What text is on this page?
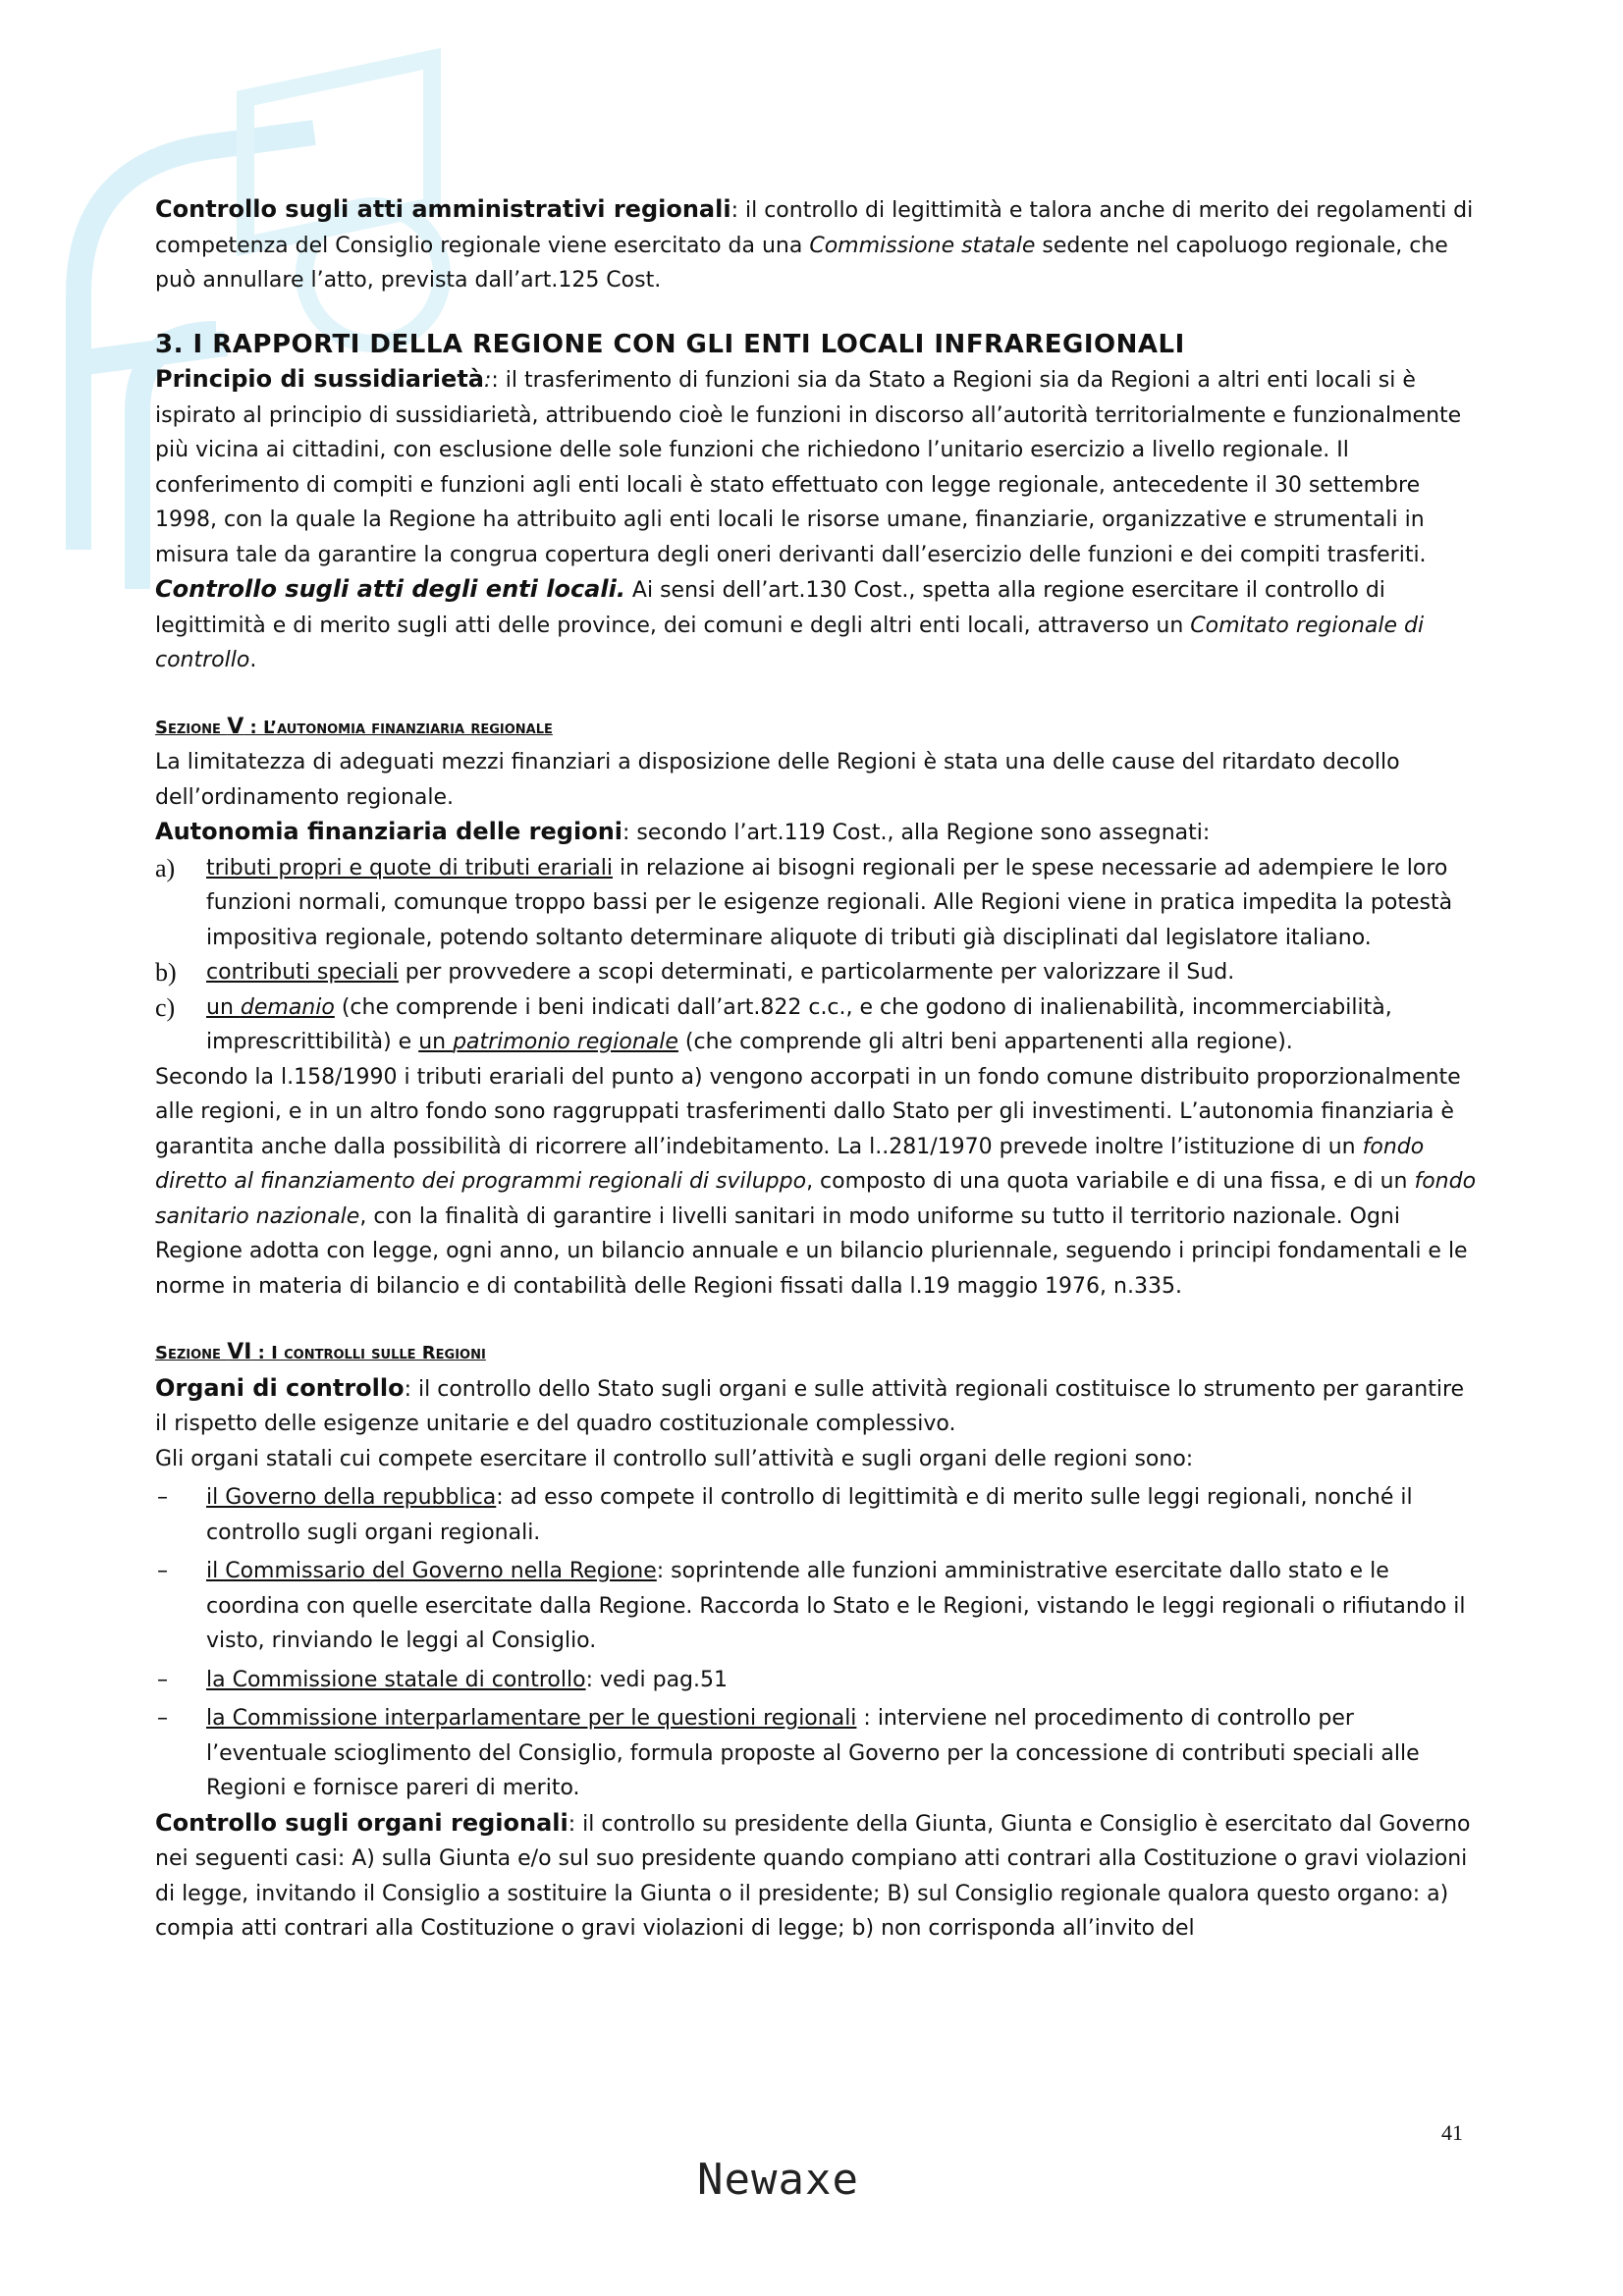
Controllo sugli atti amministrativi regionali: il controllo di legittimità e talora anche di merito dei regolamenti di competenza del Consiglio regionale viene esercitato da una Commissione statale sedente nel capoluogo regionale, che può annullare l’atto, prevista dall’art.125 Cost.

3. I RAPPORTI DELLA REGIONE CON GLI ENTI LOCALI INFRAREGIONALI

Principio di sussidiarietà:: il trasferimento di funzioni sia da Stato a Regioni sia da Regioni a altri enti locali si è ispirato al principio di sussidiarietà, attribuendo cioè le funzioni in discorso all’autorità territorialmente e funzionalmente più vicina ai cittadini, con esclusione delle sole funzioni che richiedono l’unitario esercizio a livello regionale. Il conferimento di compiti e funzioni agli enti locali è stato effettuato con legge regionale, antecedente il 30 settembre 1998, con la quale la Regione ha attribuito agli enti locali le risorse umane, finanziarie, organizzative e strumentali in misura tale da garantire la congrua copertura degli oneri derivanti dall’esercizio delle funzioni e dei compiti trasferiti.

Controllo sugli atti degli enti locali. Ai sensi dell’art.130 Cost., spetta alla regione esercitare il controllo di legittimità e di merito sugli atti delle province, dei comuni e degli altri enti locali, attraverso un Comitato regionale di controllo.

Sezione V : L’autonomia finanziaria regionale

La limitatezza di adeguati mezzi finanziari a disposizione delle Regioni è stata una delle cause del ritardato decollo dell’ordinamento regionale.

Autonomia finanziaria delle regioni: secondo l’art.119 Cost., alla Regione sono assegnati:

a) tributi propri e quote di tributi erariali in relazione ai bisogni regionali per le spese necessarie ad adempiere le loro funzioni normali, comunque troppo bassi per le esigenze regionali. Alle Regioni viene in pratica impedita la potestà impositiva regionale, potendo soltanto determinare aliquote di tributi già disciplinati dal legislatore italiano.
b) contributi speciali per provvedere a scopi determinati, e particolarmente per valorizzare il Sud.
c) un demanio (che comprende i beni indicati dall’art.822 c.c., e che godono di inalienabilità, incommerciabilità, imprescrittibilità) e un patrimonio regionale (che comprende gli altri beni appartenenti alla regione).

Secondo la l.158/1990 i tributi erariali del punto a) vengono accorpati in un fondo comune distribuito proporzionalmente alle regioni, e in un altro fondo sono raggruppati trasferimenti dallo Stato per gli investimenti. L’autonomia finanziaria è garantita anche dalla possibilità di ricorrere all’indebitamento. La l..281/1970 prevede inoltre l’istituzione di un fondo diretto al finanziamento dei programmi regionali di sviluppo, composto di una quota variabile e di una fissa, e di un fondo sanitario nazionale, con la finalità di garantire i livelli sanitari in modo uniforme su tutto il territorio nazionale. Ogni Regione adotta con legge, ogni anno, un bilancio annuale e un bilancio pluriennale, seguendo i principi fondamentali e le norme in materia di bilancio e di contabilità delle Regioni fissati dalla l.19 maggio 1976, n.335.

Sezione VI : I controlli sulle Regioni

Organi di controllo: il controllo dello Stato sugli organi e sulle attività regionali costituisce lo strumento per garantire il rispetto delle esigenze unitarie e del quadro costituzionale complessivo.

Gli organi statali cui compete esercitare il controllo sull’attività e sugli organi delle regioni sono:

– il Governo della repubblica: ad esso compete il controllo di legittimità e di merito sulle leggi regionali, nonché il controllo sugli organi regionali.
– il Commissario del Governo nella Regione: soprintende alle funzioni amministrative esercitate dallo stato e le coordina con quelle esercitate dalla Regione. Raccorda lo Stato e le Regioni, vistando le leggi regionali o rifiutando il visto, rinviando le leggi al Consiglio.
– la Commissione statale di controllo: vedi pag.51
– la Commissione interparlamentare per le questioni regionali : interviene nel procedimento di controllo per l’eventuale scioglimento del Consiglio, formula proposte al Governo per la concessione di contributi speciali alle Regioni e fornisce pareri di merito.

Controllo sugli organi regionali: il controllo su presidente della Giunta, Giunta e Consiglio è esercitato dal Governo nei seguenti casi: A) sulla Giunta e/o sul suo presidente quando compiano atti contrari alla Costituzione o gravi violazioni di legge, invitando il Consiglio a sostituire la Giunta o il presidente; B) sul Consiglio regionale qualora questo organo: a) compia atti contrari alla Costituzione o gravi violazioni di legge; b) non corrisponda all’invito del

Newaxe
41
